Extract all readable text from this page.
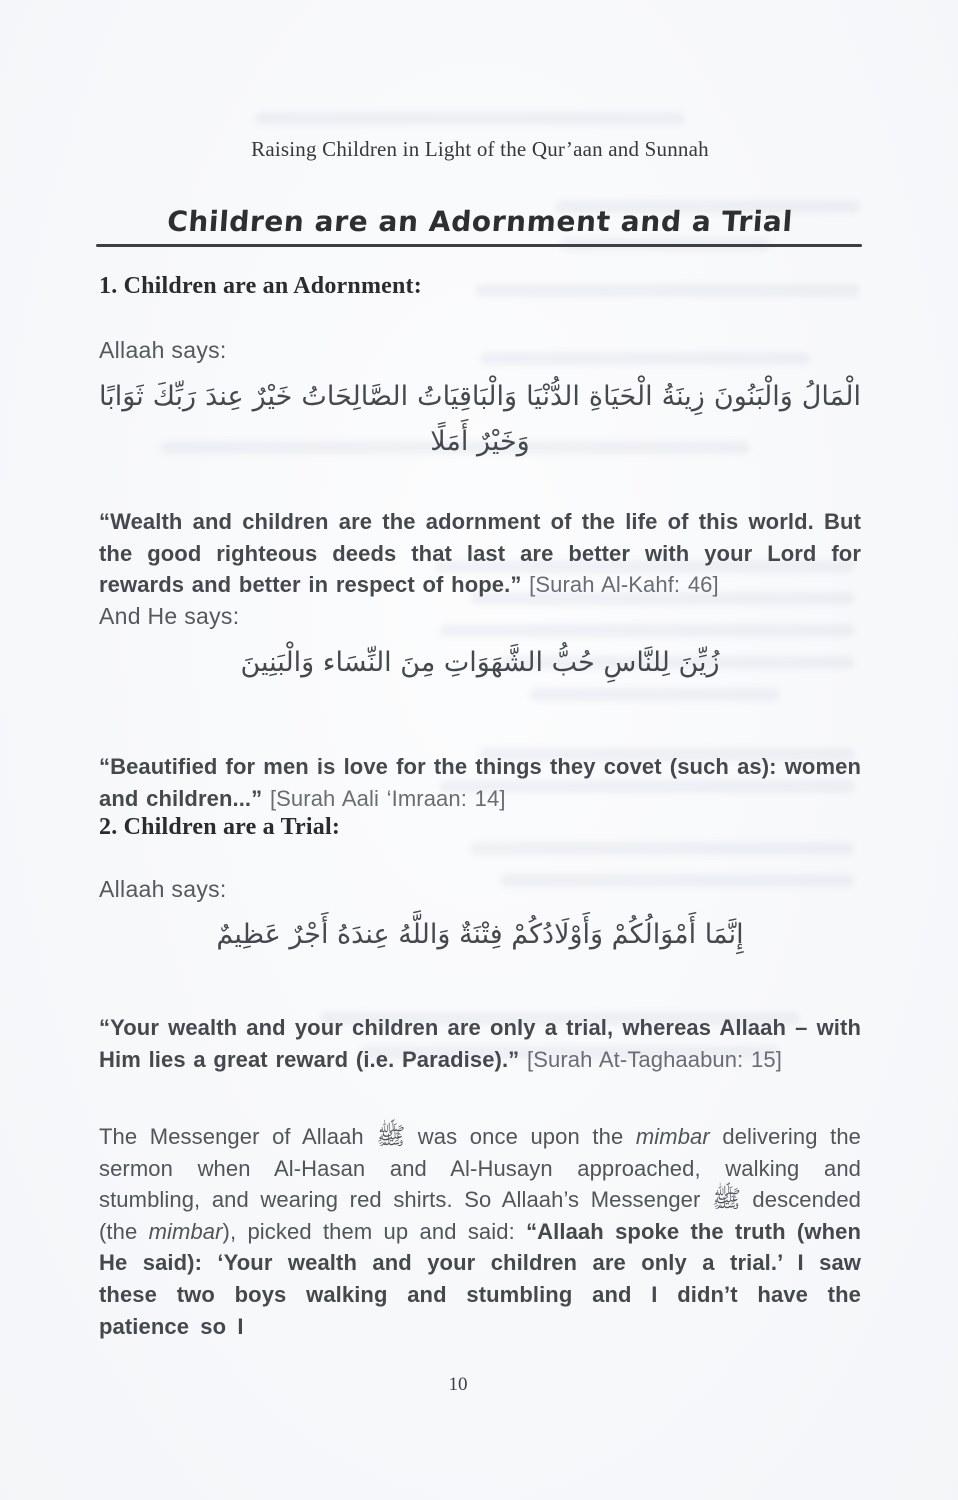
Raising Children in Light of the Qur’aan and Sunnah
Children are an Adornment and a Trial
1. Children are an Adornment:
Allaah says:
الْمَالُ وَالْبَنُونَ زِينَةُ الْحَيَاةِ الدُّنْيَا وَالْبَاقِيَاتُ الصَّالِحَاتُ خَيْرٌ عِندَ رَبِّكَ ثَوَابًا وَخَيْرٌ أَمَلًا

“Wealth and children are the adornment of the life of this world. But the good righteous deeds that last are better with your Lord for rewards and better in respect of hope.” [Surah Al-Kahf: 46]

And He says:
زُيِّنَ لِلنَّاسِ حُبُّ الشَّهَوَاتِ مِنَ النِّسَاء وَالْبَنِينَ

“Beautified for men is love for the things they covet (such as): women and children...” [Surah Aali ‘Imraan: 14]

2. Children are a Trial:
Allaah says:
إِنَّمَا أَمْوَالُكُمْ وَأَوْلَادُكُمْ فِتْنَةٌ وَاللَّهُ عِندَهُ أَجْرٌ عَظِيمٌ

“Your wealth and your children are only a trial, whereas Allaah – with Him lies a great reward (i.e. Paradise).” [Surah At-Taghaabun: 15]

The Messenger of Allaah ﷺ was once upon the mimbar delivering the sermon when Al-Hasan and Al-Husayn approached, walking and stumbling, and wearing red shirts. So Allaah’s Messenger ﷺ descended (the mimbar), picked them up and said: “Allaah spoke the truth (when He said): ‘Your wealth and your children are only a trial.’ I saw these two boys walking and stumbling and I didn’t have the patience so I

10
